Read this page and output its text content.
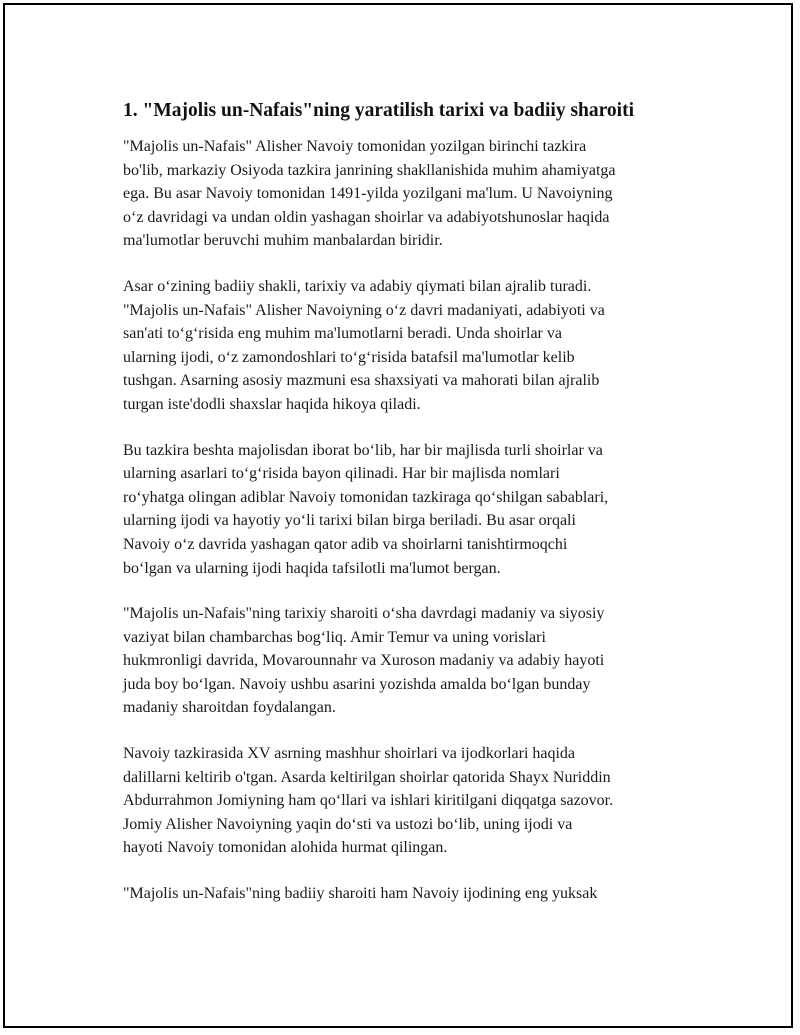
1. "Majolis un-Nafais"ning yaratilish tarixi va badiiy sharoiti

"Majolis un-Nafais" Alisher Navoiy tomonidan yozilgan birinchi tazkira
bo'lib, markaziy Osiyoda tazkira janrining shakllanishida muhim ahamiyatga
ega. Bu asar Navoiy tomonidan 1491-yilda yozilgani ma'lum. U Navoiyning
o‘z davridagi va undan oldin yashagan shoirlar va adabiyotshunoslar haqida
ma'lumotlar beruvchi muhim manbalardan biridir.

Asar o‘zining badiiy shakli, tarixiy va adabiy qiymati bilan ajralib turadi.
"Majolis un-Nafais" Alisher Navoiyning o‘z davri madaniyati, adabiyoti va
san'ati to‘g‘risida eng muhim ma'lumotlarni beradi. Unda shoirlar va
ularning ijodi, o‘z zamondoshlari to‘g‘risida batafsil ma'lumotlar kelib
tushgan. Asarning asosiy mazmuni esa shaxsiyati va mahorati bilan ajralib
turgan iste'dodli shaxslar haqida hikoya qiladi.

Bu tazkira beshta majolisdan iborat bo‘lib, har bir majlisda turli shoirlar va
ularning asarlari to‘g‘risida bayon qilinadi. Har bir majlisda nomlari
ro‘yhatga olingan adiblar Navoiy tomonidan tazkiraga qo‘shilgan sabablari,
ularning ijodi va hayotiy yo‘li tarixi bilan birga beriladi. Bu asar orqali
Navoiy o‘z davrida yashagan qator adib va shoirlarni tanishtirmoqchi
bo‘lgan va ularning ijodi haqida tafsilotli ma'lumot bergan.

"Majolis un-Nafais"ning tarixiy sharoiti o‘sha davrdagi madaniy va siyosiy
vaziyat bilan chambarchas bog‘liq. Amir Temur va uning vorislari
hukmronligi davrida, Movarounnahr va Xuroson madaniy va adabiy hayoti
juda boy bo‘lgan. Navoiy ushbu asarini yozishda amalda bo‘lgan bunday
madaniy sharoitdan foydalangan.

Navoiy tazkirasida XV asrning mashhur shoirlari va ijodkorlari haqida
dalillarni keltirib o'tgan. Asarda keltirilgan shoirlar qatorida Shayx Nuriddin
Abdurrahmon Jomiyning ham qo‘llari va ishlari kiritilgani diqqatga sazovor.
Jomiy Alisher Navoiyning yaqin do‘sti va ustozi bo‘lib, uning ijodi va
hayoti Navoiy tomonidan alohida hurmat qilingan.

"Majolis un-Nafais"ning badiiy sharoiti ham Navoiy ijodining eng yuksak
